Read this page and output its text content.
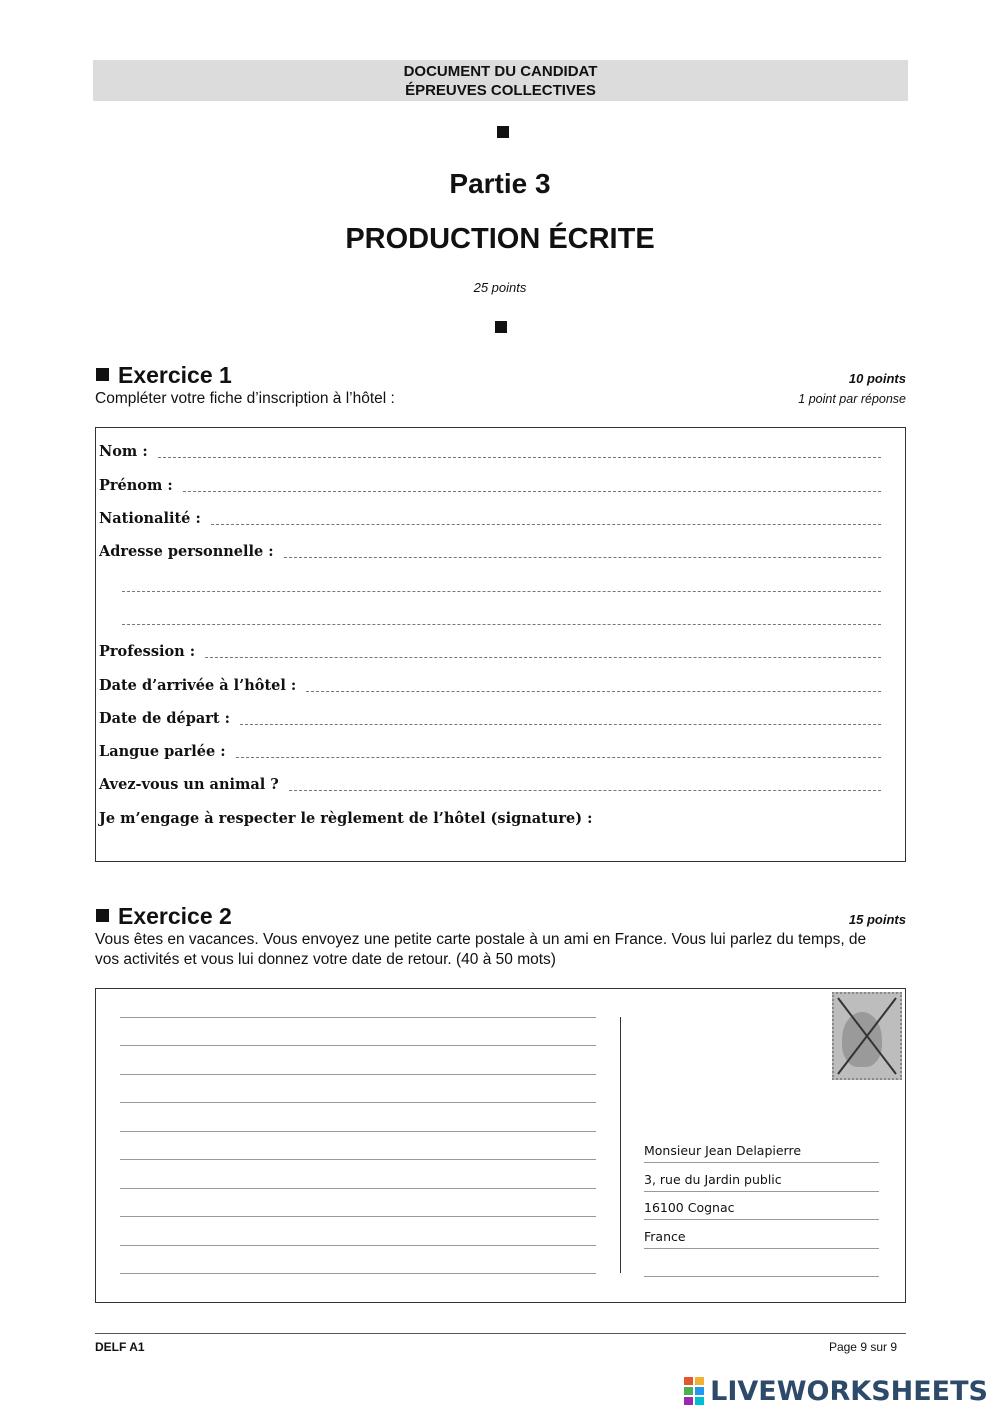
DOCUMENT DU CANDIDAT
ÉPREUVES COLLECTIVES
Partie 3
PRODUCTION ÉCRITE
25 points
Exercice 1	10 points
Compléter votre fiche d’inscription à l’hôtel :	1 point par réponse
Nom :
Prénom :
Nationalité :
Adresse personnelle :
Profession :
Date d’arrivée à l’hôtel :
Date de départ :
Langue parlée :
Avez-vous un animal ?
Je m’engage à respecter le règlement de l’hôtel (signature) :
Exercice 2	15 points
Vous êtes en vacances. Vous envoyez une petite carte postale à un ami en France. Vous lui parlez du temps, de vos activités et vous lui donnez votre date de retour. (40 à 50 mots)
Monsieur Jean Delapierre
3, rue du Jardin public
16100 Cognac
France
DELF A1	Page 9 sur 9
LIVEWORKSHEETS
